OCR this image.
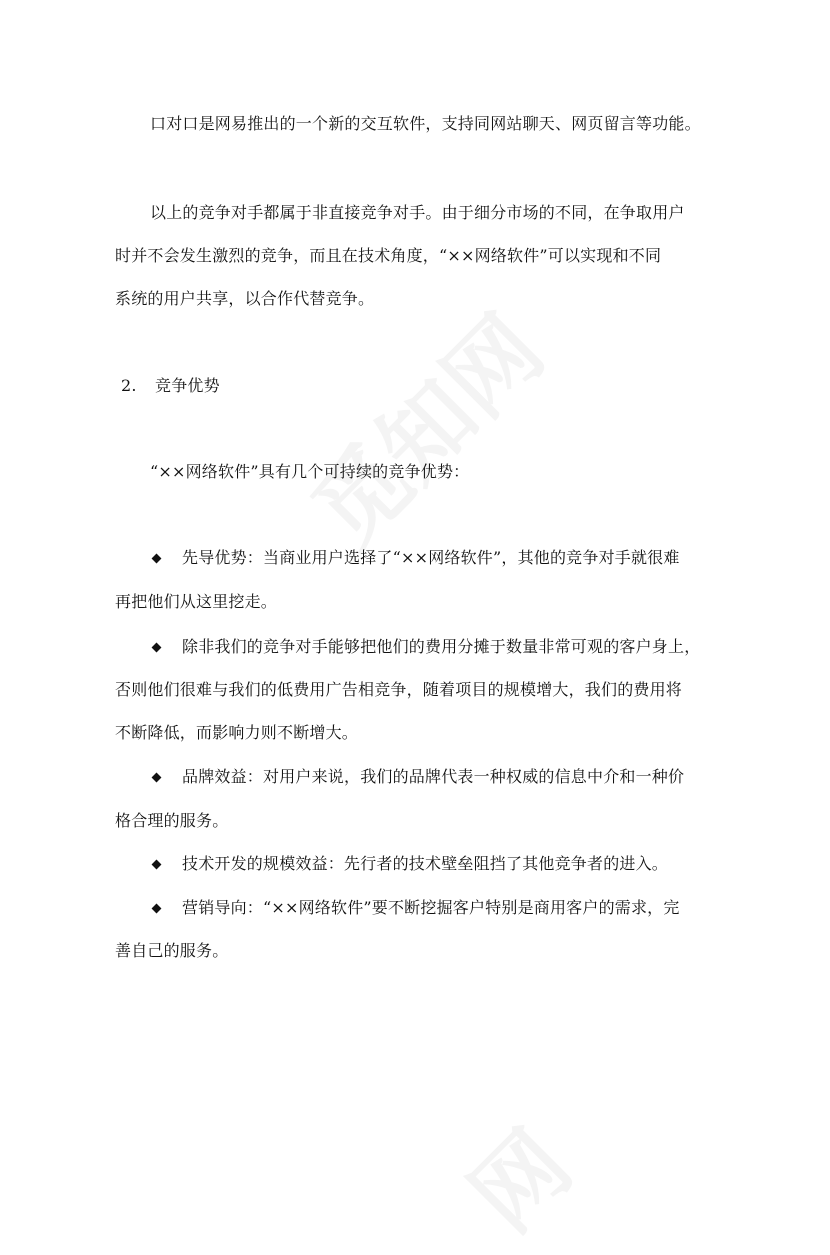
口对口是网易推出的一个新的交互软件，支持同网站聊天、网页留言等功能。
以上的竞争对手都属于非直接竞争对手。由于细分市场的不同，在争取用户
时并不会发生激烈的竞争，而且在技术角度，“××网络软件”可以实现和不同
系统的用户共享，以合作代替竞争。
2. 竞争优势
“××网络软件”具有几个可持续的竞争优势：
先导优势：当商业用户选择了“××网络软件”，其他的竞争对手就很难
再把他们从这里挖走。
除非我们的竞争对手能够把他们的费用分摊于数量非常可观的客户身上，
否则他们很难与我们的低费用广告相竞争，随着项目的规模增大，我们的费用将
不断降低，而影响力则不断增大。
品牌效益：对用户来说，我们的品牌代表一种权威的信息中介和一种价
格合理的服务。
技术开发的规模效益：先行者的技术壁垒阻挡了其他竞争者的进入。
营销导向：“××网络软件”要不断挖掘客户特别是商用客户的需求，完
善自己的服务。
